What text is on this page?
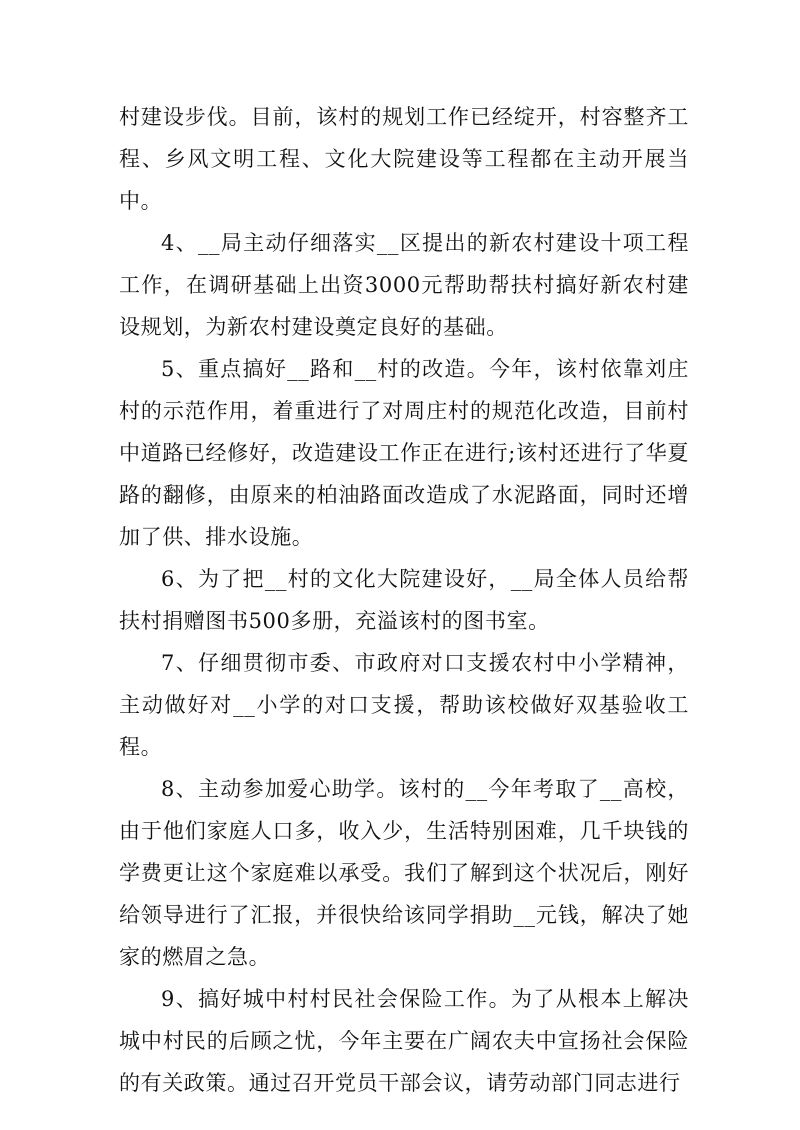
村建设步伐。目前，该村的规划工作已经绽开，村容整齐工程、乡风文明工程、文化大院建设等工程都在主动开展当中。

4、__局主动仔细落实__区提出的新农村建设十项工程工作，在调研基础上出资3000元帮助帮扶村搞好新农村建设规划，为新农村建设奠定良好的基础。

5、重点搞好__路和__村的改造。今年，该村依靠刘庄村的示范作用，着重进行了对周庄村的规范化改造，目前村中道路已经修好，改造建设工作正在进行;该村还进行了华夏路的翻修，由原来的柏油路面改造成了水泥路面，同时还增加了供、排水设施。

6、为了把__村的文化大院建设好，__局全体人员给帮扶村捐赠图书500多册，充溢该村的图书室。

7、仔细贯彻市委、市政府对口支援农村中小学精神，主动做好对__小学的对口支援，帮助该校做好双基验收工程。

8、主动参加爱心助学。该村的__今年考取了__高校，由于他们家庭人口多，收入少，生活特别困难，几千块钱的学费更让这个家庭难以承受。我们了解到这个状况后，刚好给领导进行了汇报，并很快给该同学捐助__元钱，解决了她家的燃眉之急。

9、搞好城中村村民社会保险工作。为了从根本上解决城中村民的后顾之忧，今年主要在广阔农夫中宣扬社会保险的有关政策。通过召开党员干部会议，请劳动部门同志进行
